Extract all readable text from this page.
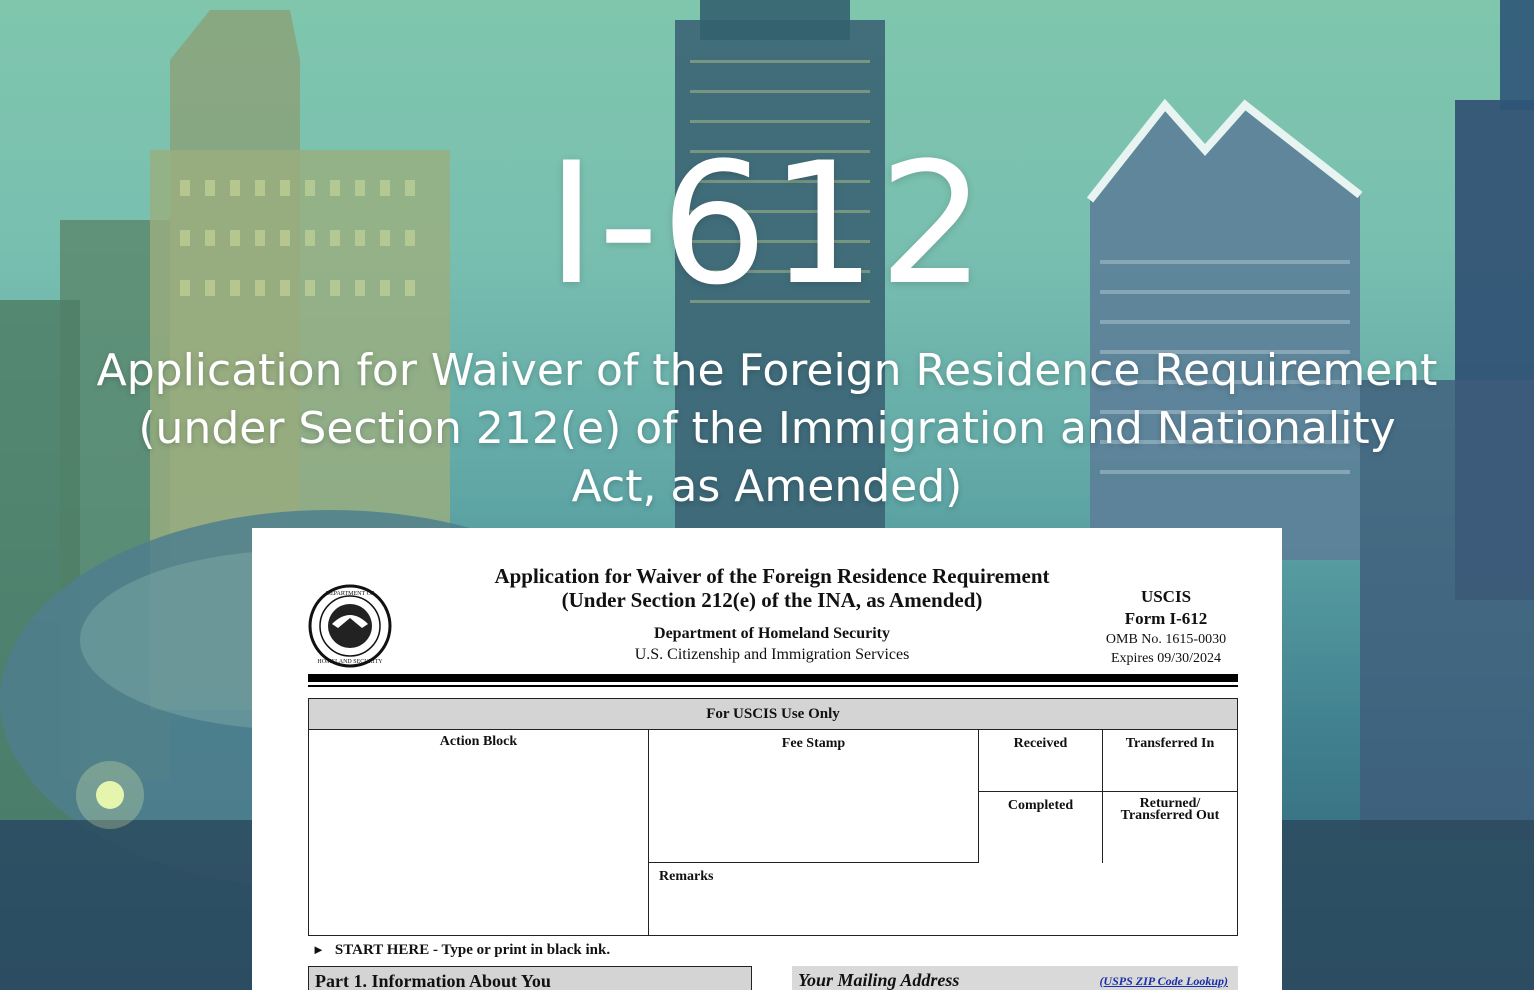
I-612
Application for Waiver of the Foreign Residence Requirement (under Section 212(e) of the Immigration and Nationality Act, as Amended)
DEPARTMENT OF
HOMELAND SECURITY
Application for Waiver of the Foreign Residence Requirement
(Under Section 212(e) of the INA, as Amended)
Department of Homeland Security
U.S. Citizenship and Immigration Services
USCIS
Form I-612
OMB No. 1615-0030
Expires 09/30/2024
For USCIS Use Only
Action Block	Fee Stamp	Received	Transferred In
Completed	Returned/
Transferred Out
Remarks
► START HERE - Type or print in black ink.
Part 1. Information About You	Your Mailing Address	(USPS ZIP Code Lookup)
